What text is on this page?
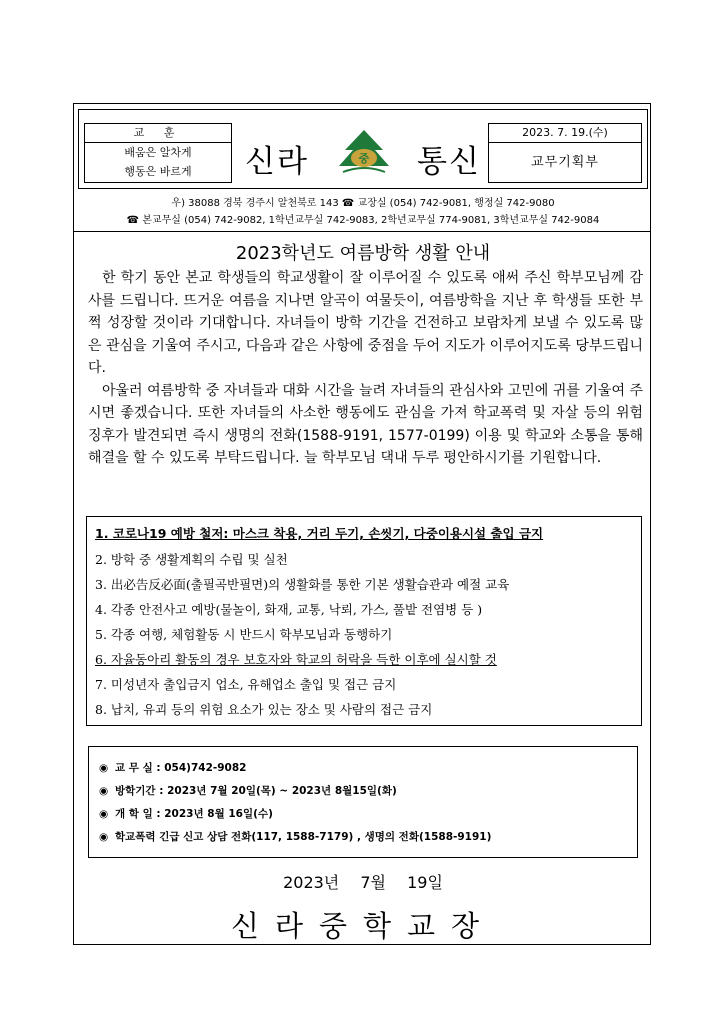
교 훈
배움은 알차게
행동은 바르게	신라	중 통신
2023. 7. 19.(수)
교무기획부
우) 38088 경북 경주시 알천북로 143 ☎ 교장실 (054) 742-9081, 행정실 742-9080
☎ 본교무실 (054) 742-9082, 1학년교무실 742-9083, 2학년교무실 774-9081, 3학년교무실 742-9084
2023학년도 여름방학 생활 안내

한 학기 동안 본교 학생들의 학교생활이 잘 이루어질 수 있도록 애써 주신 학부모님께 감사를 드립니다. 뜨거운 여름을 지나면 알곡이 여물듯이, 여름방학을 지난 후 학생들 또한 부쩍 성장할 것이라 기대합니다. 자녀들이 방학 기간을 건전하고 보람차게 보낼 수 있도록 많은 관심을 기울여 주시고, 다음과 같은 사항에 중점을 두어 지도가 이루어지도록 당부드립니다.

아울러 여름방학 중 자녀들과 대화 시간을 늘려 자녀들의 관심사와 고민에 귀를 기울여 주시면 좋겠습니다. 또한 자녀들의 사소한 행동에도 관심을 가져 학교폭력 및 자살 등의 위험 징후가 발견되면 즉시 생명의 전화(1588-9191, 1577-0199) 이용 및 학교와 소통을 통해 해결을 할 수 있도록 부탁드립니다. 늘 학부모님 댁내 두루 평안하시기를 기원합니다.

1. 코로나19 예방 철저: 마스크 착용, 거리 두기, 손씻기, 다중이용시설 출입 금지
2. 방학 중 생활계획의 수립 및 실천
3. 出必告反必面(출필곡반필면)의 생활화를 통한 기본 생활습관과 예절 교육
4. 각종 안전사고 예방(물놀이, 화재, 교통, 낙뢰, 가스, 풀밭 전염병 등 )
5. 각종 여행, 체험활동 시 반드시 학부모님과 동행하기
6. 자율동아리 활동의 경우 보호자와 학교의 허락을 득한 이후에 실시할 것
7. 미성년자 출입금지 업소, 유해업소 출입 및 접근 금지
8. 납치, 유괴 등의 위험 요소가 있는 장소 및 사람의 접근 금지
◉ 교 무 실 : 054)742-9082
◉ 방학기간 : 2023년 7월 20일(목) ~ 2023년 8월15일(화)
◉ 개 학 일 : 2023년 8월 16일(수)
◉ 학교폭력 긴급 신고 상담 전화(117, 1588-7179) , 생명의 전화(1588-9191)
2023년 7월 19일
신라중학교장
